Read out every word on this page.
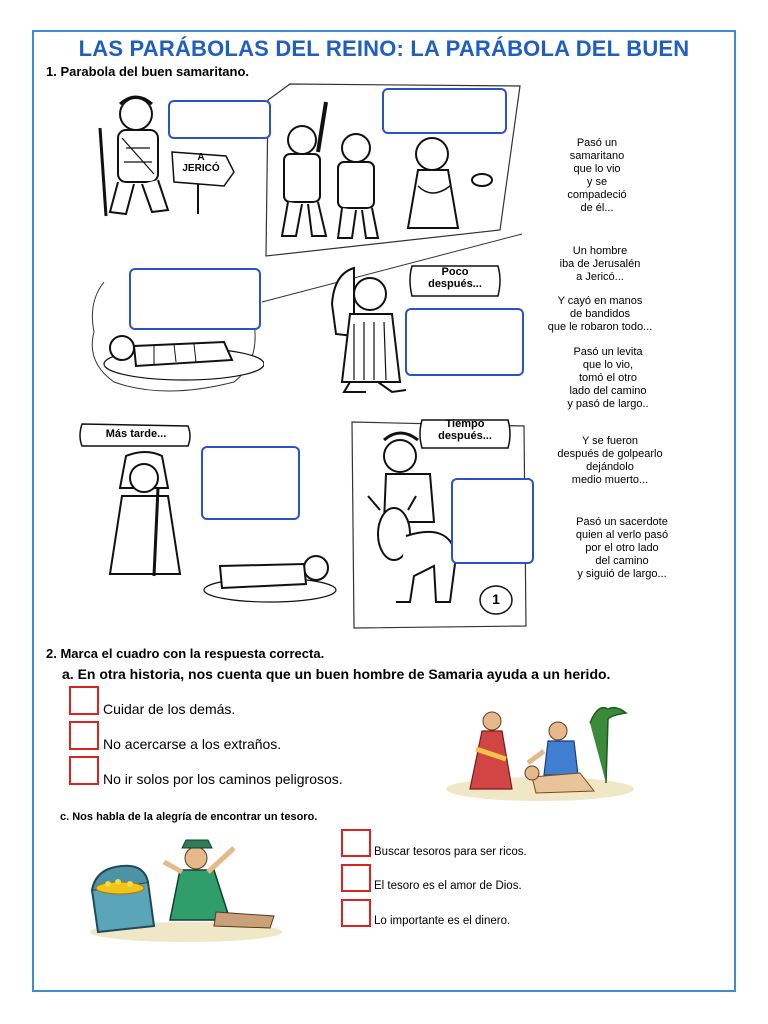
LAS PARÁBOLAS DEL REINO: LA PARÁBOLA DEL BUEN
1. Parabola del buen samaritano.
A
JERICÓ
Poco
después...
Más tarde...
Tiempo
después...
1
Pasó un
samaritano
que lo vio
y se
compadeció
de él...
Un hombre
iba de Jerusalén
a Jericó...
Y cayó en manos
de bandidos
que le robaron todo...
Pasó un levita
que lo vio,
tomó el otro
lado del camino
y pasó de largo..
Y se fueron
después de golpearlo
dejándolo
medio muerto...
Pasó un sacerdote
quien al verlo pasó
por el otro lado
del camino
y siguió de largo...
2. Marca el cuadro con la respuesta correcta.
a. En otra historia, nos cuenta que un buen hombre de Samaria ayuda a un herido.
Cuidar de los demás.
No acercarse a los extraños.
No ir solos por los caminos peligrosos.
c. Nos habla de la alegría de encontrar un tesoro.
Buscar tesoros para ser ricos.
El tesoro es el amor de Dios.
Lo importante es el dinero.
